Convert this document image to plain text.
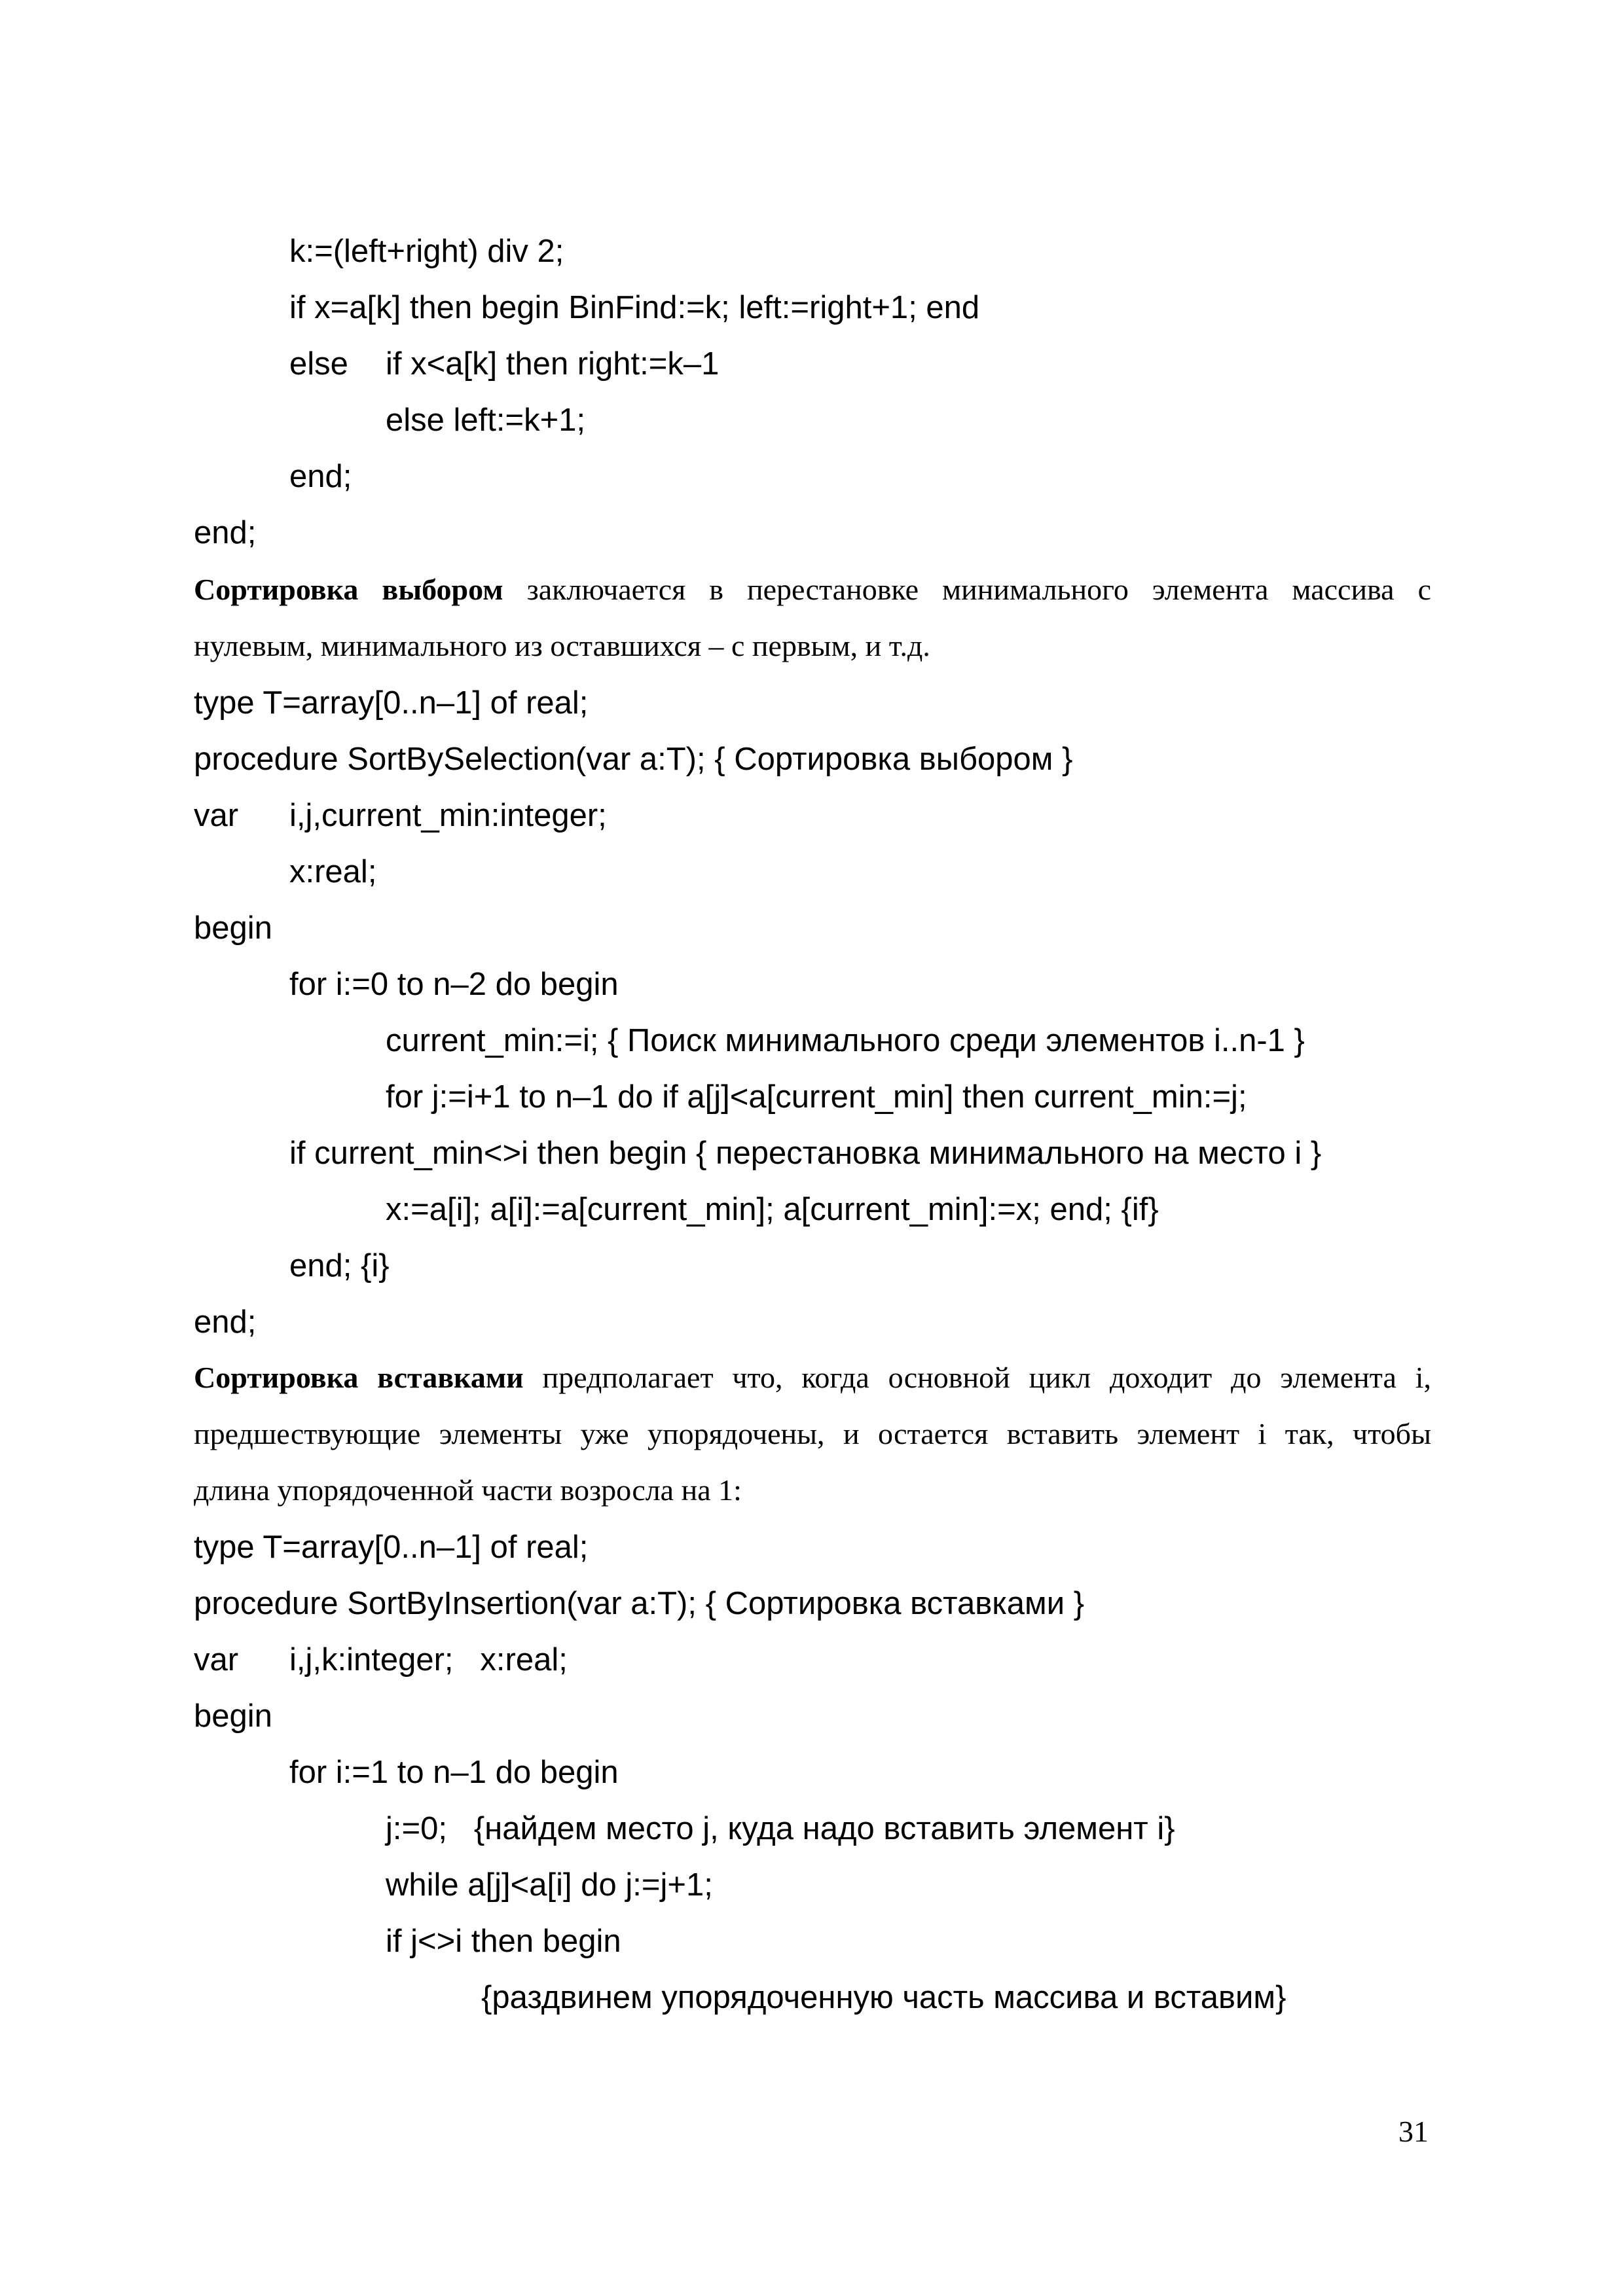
k:=(left+right) div 2;
if x=a[k] then begin BinFind:=k; left:=right+1; end
else if x<a[k] then right:=k–1
else left:=k+1;
end;
end;
Сортировка выбором заключается в перестановке минимального элемента массива с
нулевым, минимального из оставшихся – с первым, и т.д.
type T=array[0..n–1] of real;
procedure SortBySelection(var a:T); { Сортировка выбором }
var i,j,current_min:integer;
x:real;
begin
for i:=0 to n–2 do begin
current_min:=i; { Поиск минимального среди элементов i..n-1 }
for j:=i+1 to n–1 do if a[j]<a[current_min] then current_min:=j;
if current_min<>i then begin { перестановка минимального на место i }
x:=a[i]; a[i]:=a[current_min]; a[current_min]:=x; end; {if}
end; {i}
end;
Сортировка вставками предполагает что, когда основной цикл доходит до элемента i,
предшествующие элементы уже упорядочены, и остается вставить элемент i так, чтобы
длина упорядоченной части возросла на 1:
type T=array[0..n–1] of real;
procedure SortByInsertion(var a:T); { Сортировка вставками }
var i,j,k:integer;   x:real;
begin
for i:=1 to n–1 do begin
j:=0;   {найдем место j, куда надо вставить элемент i}
while a[j]<a[i] do j:=j+1;
if j<>i then begin
{раздвинем упорядоченную часть массива и вставим}
31
